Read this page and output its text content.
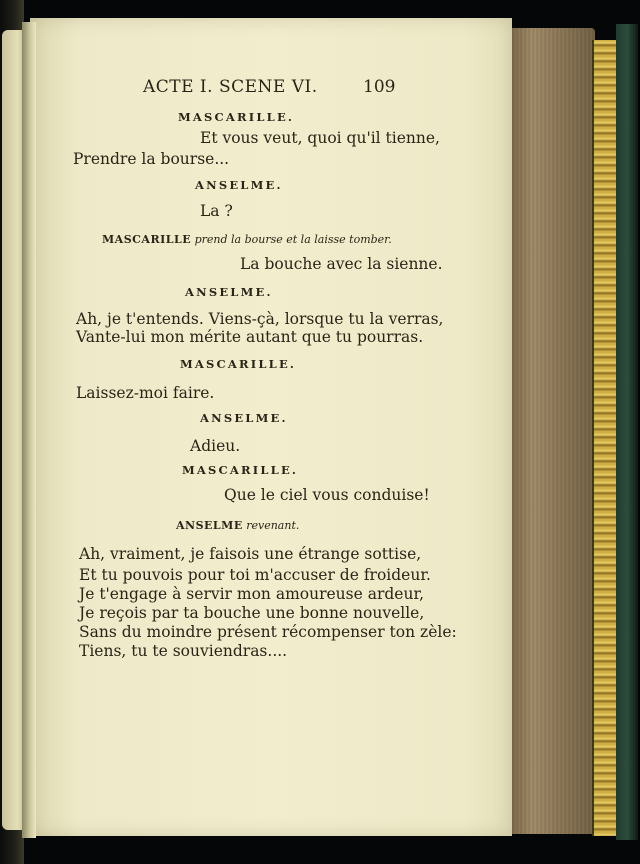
ACTE I. SCENE VI.	109
MASCARILLE.
Et vous veut, quoi qu'il tienne,
Prendre la bourse...
ANSELME.
La ?
MASCARILLE prend la bourse et la laisse tomber.
La bouche avec la sienne.
ANSELME.
Ah, je t'entends. Viens-çà, lorsque tu la verras,
Vante-lui mon mérite autant que tu pourras.
MASCARILLE.
Laissez-moi faire.
ANSELME.
Adieu.
MASCARILLE.
Que le ciel vous conduise!
ANSELME revenant.
Ah, vraiment, je faisois une étrange sottise,
Et tu pouvois pour toi m'accuser de froideur.
Je t'engage à servir mon amoureuse ardeur,
Je reçois par ta bouche une bonne nouvelle,
Sans du moindre présent récompenser ton zèle:
Tiens, tu te souviendras....
